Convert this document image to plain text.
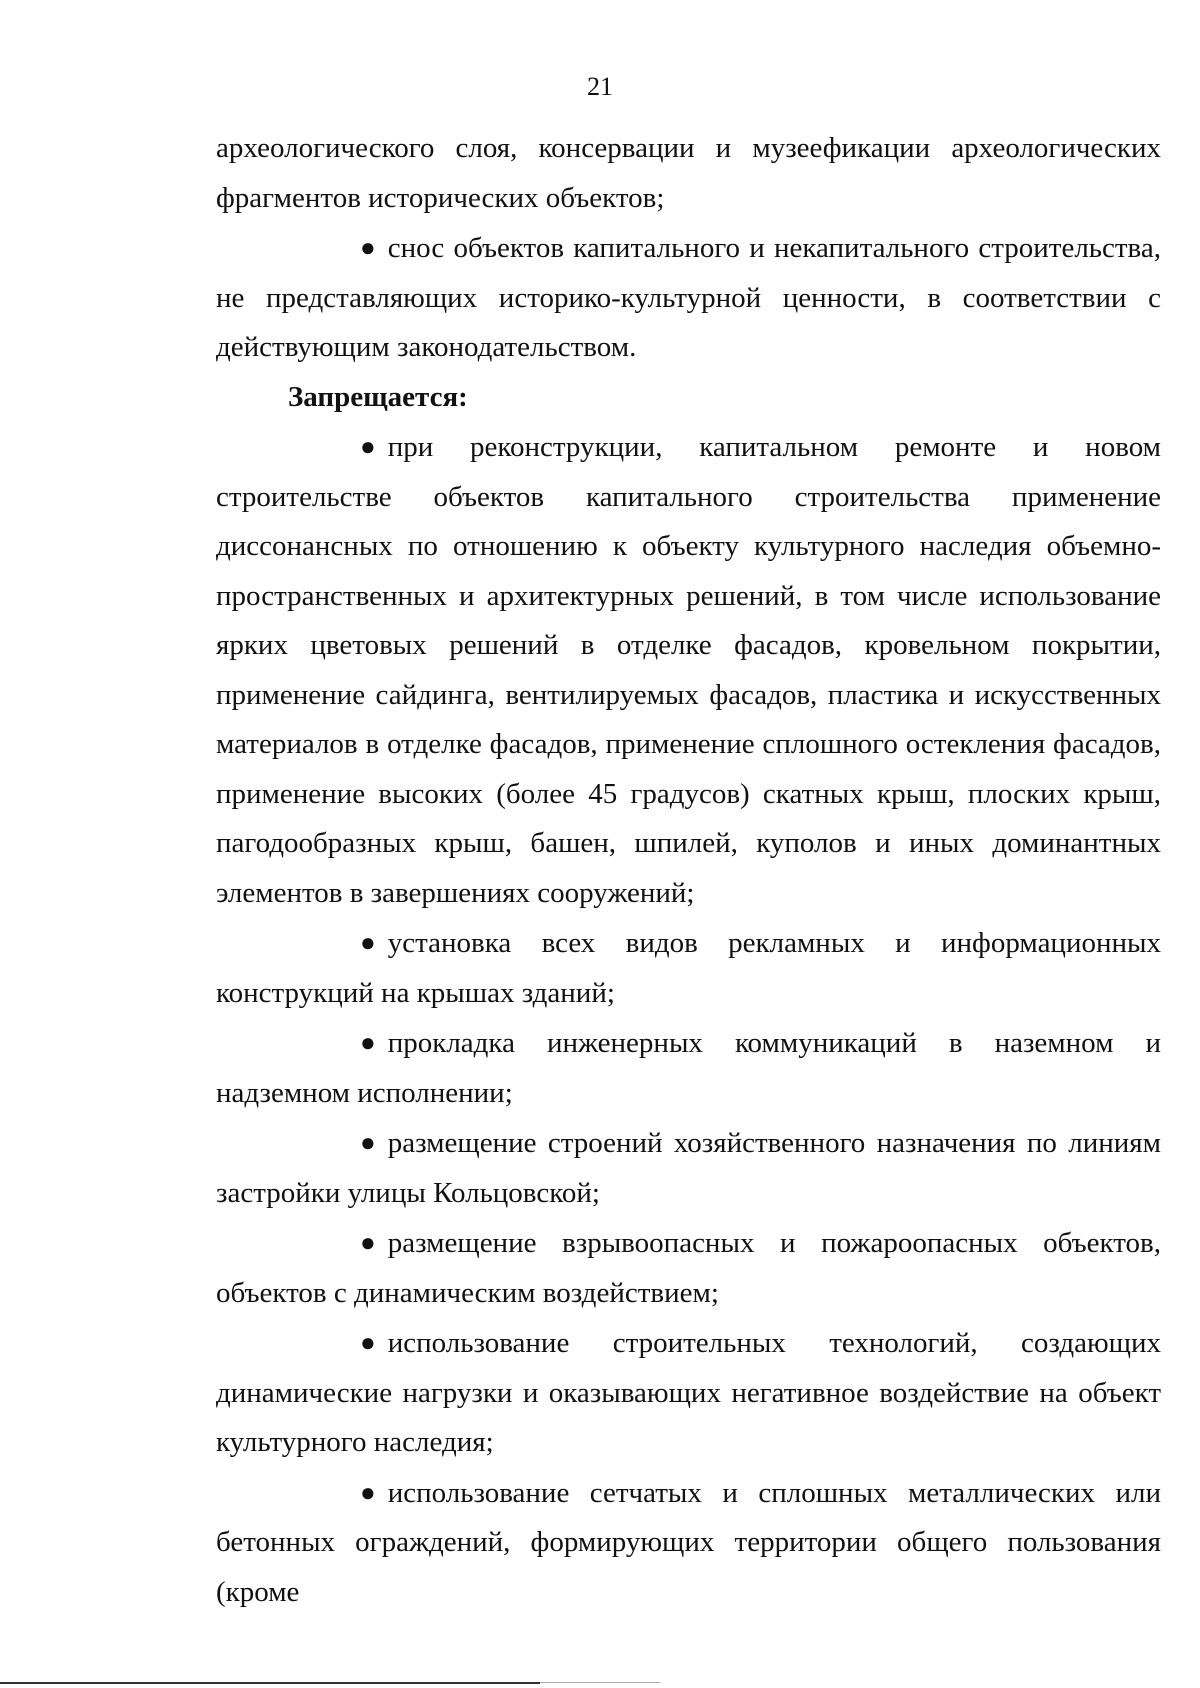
21

археологического слоя, консервации и музеефикации археологических фрагментов исторических объектов;

● снос объектов капитального и некапитального строительства, не представляющих историко-культурной ценности, в соответствии с действующим законодательством.

Запрещается:

● при реконструкции, капитальном ремонте и новом строительстве объектов капитального строительства применение диссонансных по отношению к объекту культурного наследия объемно-пространственных и архитектурных решений, в том числе использование ярких цветовых решений в отделке фасадов, кровельном покрытии, применение сайдинга, вентилируемых фасадов, пластика и искусственных материалов в отделке фасадов, применение сплошного остекления фасадов, применение высоких (более 45 градусов) скатных крыш, плоских крыш, пагодообразных крыш, башен, шпилей, куполов и иных доминантных элементов в завершениях сооружений;

● установка всех видов рекламных и информационных конструкций на крышах зданий;

● прокладка инженерных коммуникаций в наземном и надземном исполнении;

● размещение строений хозяйственного назначения по линиям застройки улицы Кольцовской;

● размещение взрывоопасных и пожароопасных объектов, объектов с динамическим воздействием;

● использование строительных технологий, создающих динамические нагрузки и оказывающих негативное воздействие на объект культурного наследия;

● использование сетчатых и сплошных металлических или бетонных ограждений, формирующих территории общего пользования (кроме
